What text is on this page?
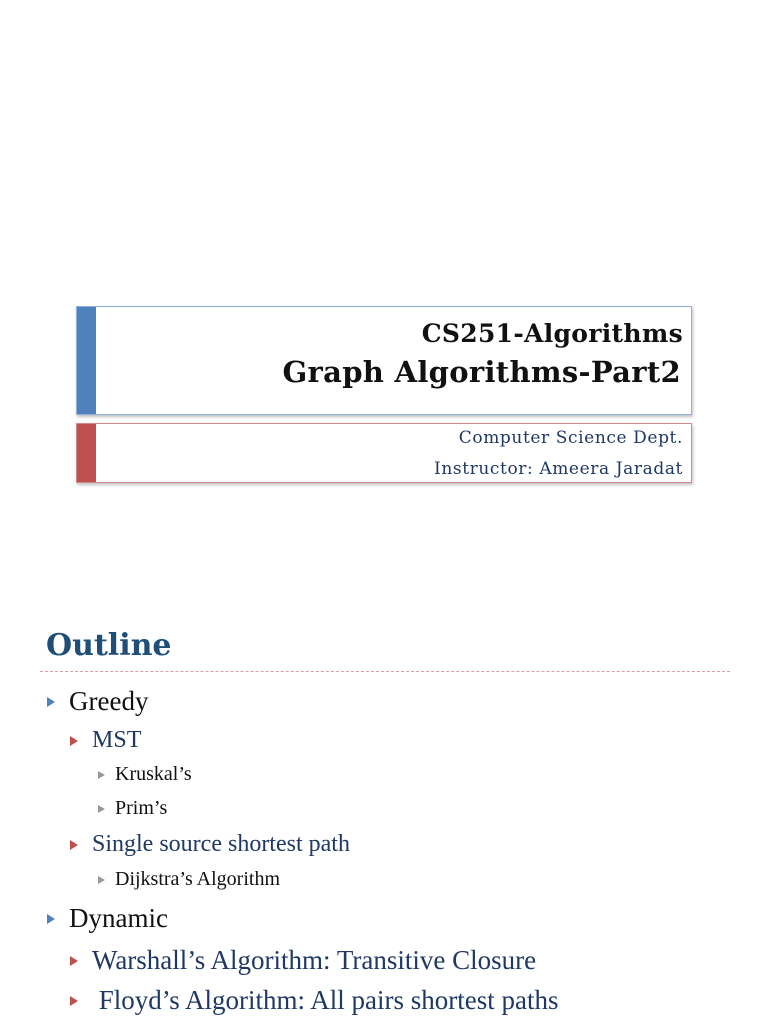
CS251-Algorithms
Graph Algorithms-Part2
Computer Science Dept.
Instructor: Ameera Jaradat
Outline
Greedy
MST
Kruskal’s
Prim’s
Single source shortest path
Dijkstra’s Algorithm
Dynamic
Warshall’s Algorithm: Transitive Closure
Floyd’s Algorithm: All pairs shortest paths
